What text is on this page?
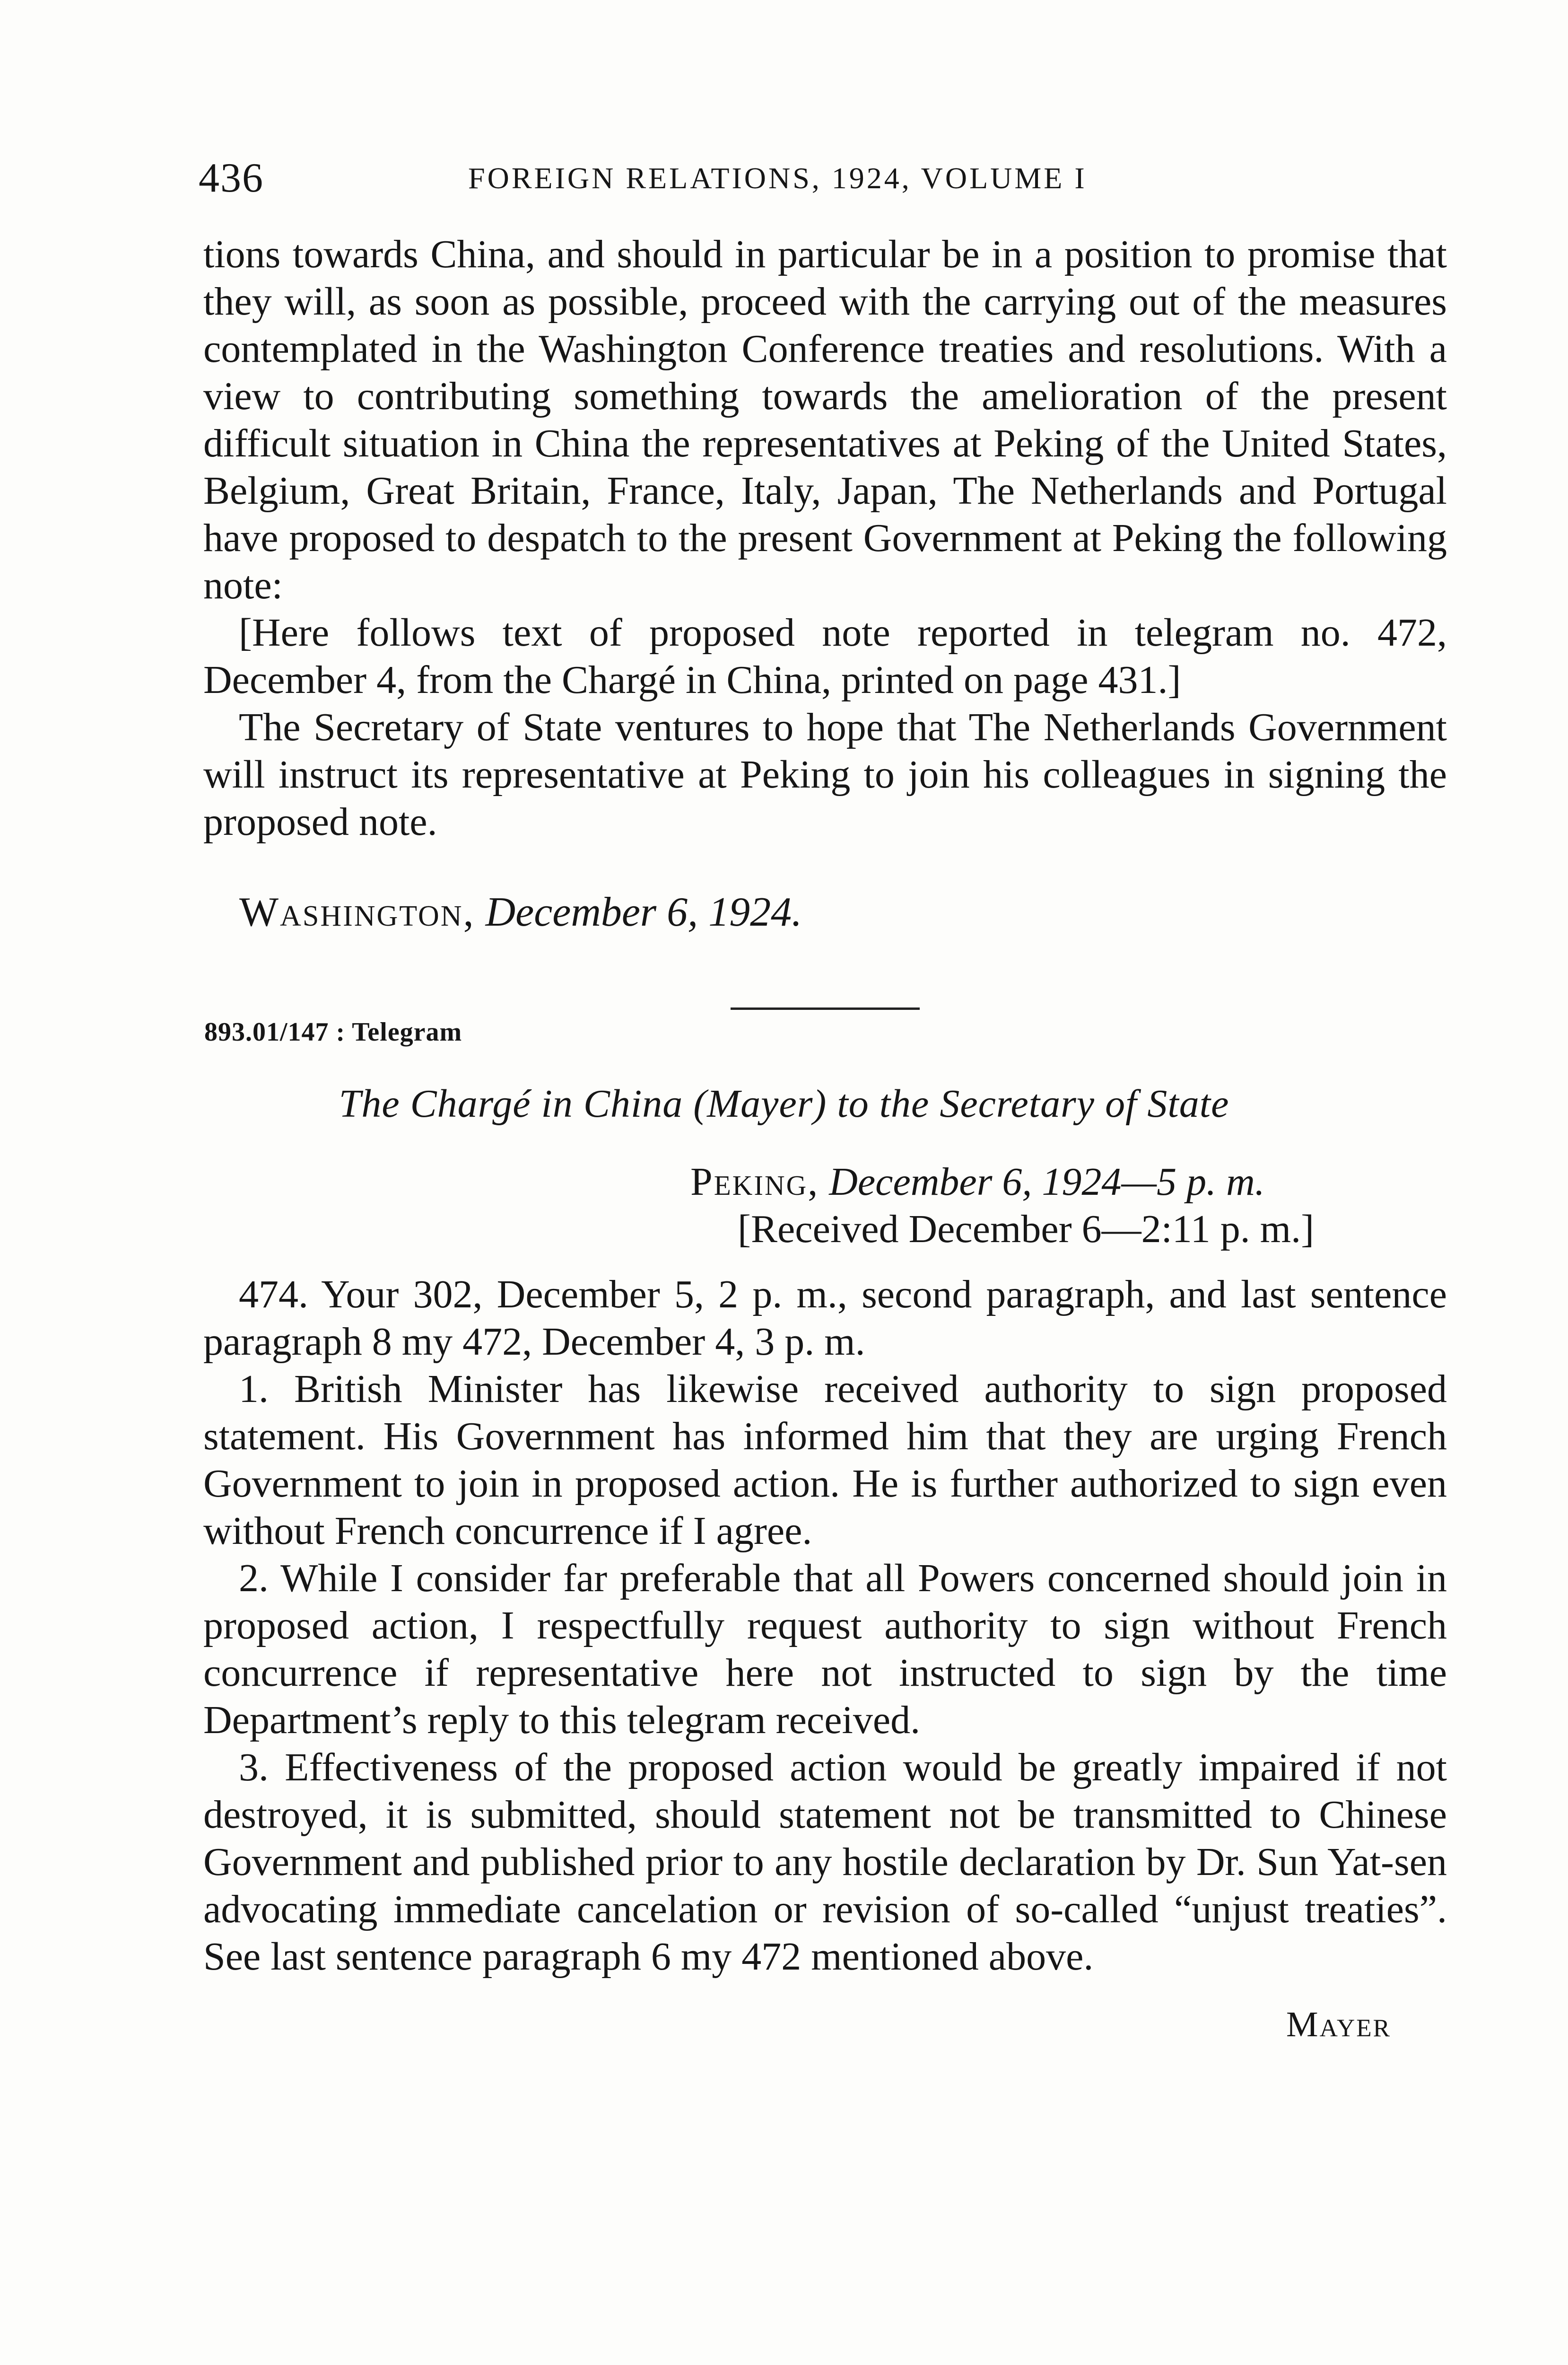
436	FOREIGN RELATIONS, 1924, VOLUME I

tions towards China, and should in particular be in a position to promise that they will, as soon as possible, proceed with the carrying out of the measures contemplated in the Washington Conference treaties and resolutions. With a view to contributing something towards the amelioration of the present difficult situation in China the representatives at Peking of the United States, Belgium, Great Britain, France, Italy, Japan, The Netherlands and Portugal have proposed to despatch to the present Government at Peking the following note:

[Here follows text of proposed note reported in telegram no. 472, December 4, from the Chargé in China, printed on page 431.]

The Secretary of State ventures to hope that The Netherlands Government will instruct its representative at Peking to join his colleagues in signing the proposed note.

Washington, December 6, 1924.
893.01/147 : Telegram
The Chargé in China (Mayer) to the Secretary of State
Peking, December 6, 1924—5 p. m.
[Received December 6—2:11 p. m.]

474. Your 302, December 5, 2 p. m., second paragraph, and last sentence paragraph 8 my 472, December 4, 3 p. m.

1. British Minister has likewise received authority to sign proposed statement. His Government has informed him that they are urging French Government to join in proposed action. He is further authorized to sign even without French concurrence if I agree.

2. While I consider far preferable that all Powers concerned should join in proposed action, I respectfully request authority to sign without French concurrence if representative here not instructed to sign by the time Department’s reply to this telegram received.

3. Effectiveness of the proposed action would be greatly impaired if not destroyed, it is submitted, should statement not be transmitted to Chinese Government and published prior to any hostile declaration by Dr. Sun Yat-sen advocating immediate cancelation or revision of so-called “unjust treaties”. See last sentence paragraph 6 my 472 mentioned above.

Mayer
